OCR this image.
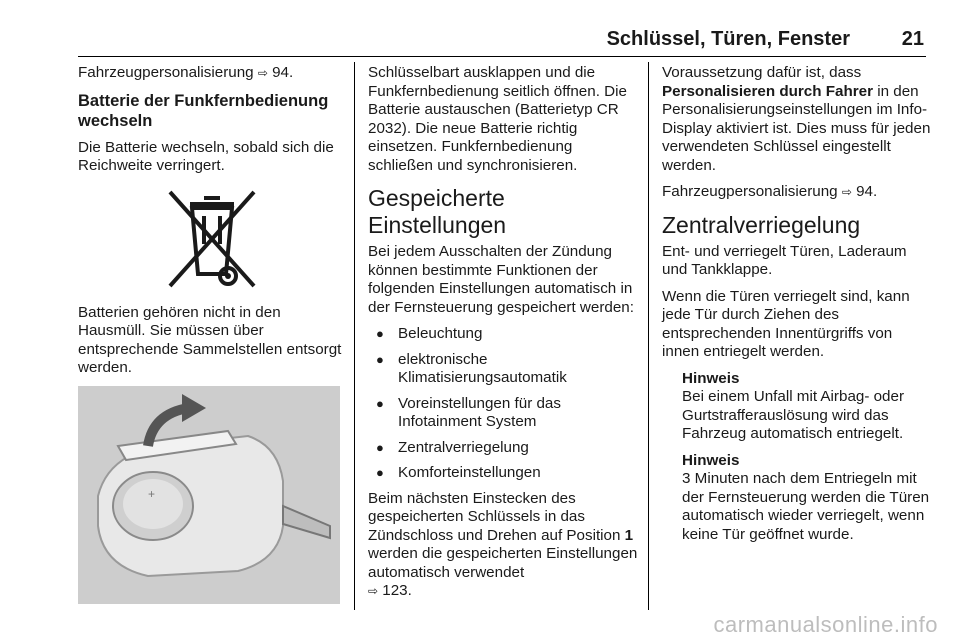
Schlüssel, Türen, Fenster	21

Fahrzeugpersonalisierung ⇨ 94.

Batterie der Funkfernbedienung wechseln

Die Batterie wechseln, sobald sich die Reichweite verringert.

Batterien gehören nicht in den Hausmüll. Sie müssen über entsprechende Sammelstellen entsorgt werden.

+

Schlüsselbart ausklappen und die Funkfernbedienung seitlich öffnen. Die Batterie austauschen (Batterietyp CR 2032). Die neue Batterie richtig einsetzen. Funkfernbedienung schließen und synchronisieren.

Gespeicherte Einstellungen

Bei jedem Ausschalten der Zündung können bestimmte Funktionen der folgenden Einstellungen automatisch in der Fernsteuerung gespeichert werden:

● Beleuchtung
● elektronische Klimatisierungsautomatik
● Voreinstellungen für das Infotainment System
● Zentralverriegelung
● Komforteinstellungen

Beim nächsten Einstecken des gespeicherten Schlüssels in das Zündschloss und Drehen auf Position 1 werden die gespeicherten Einstellungen automatisch verwendet
⇨ 123.

Voraussetzung dafür ist, dass Personalisieren durch Fahrer in den Personalisierungseinstellungen im Info-Display aktiviert ist. Dies muss für jeden verwendeten Schlüssel eingestellt werden.

Fahrzeugpersonalisierung ⇨ 94.

Zentralverriegelung

Ent- und verriegelt Türen, Laderaum und Tankklappe.

Wenn die Türen verriegelt sind, kann jede Tür durch Ziehen des entsprechenden Innentürgriffs von innen entriegelt werden.

Hinweis

Bei einem Unfall mit Airbag- oder Gurtstrafferauslösung wird das Fahrzeug automatisch entriegelt.

Hinweis

3 Minuten nach dem Entriegeln mit der Fernsteuerung werden die Türen automatisch wieder verriegelt, wenn keine Tür geöffnet wurde.

carmanualsonline.info
